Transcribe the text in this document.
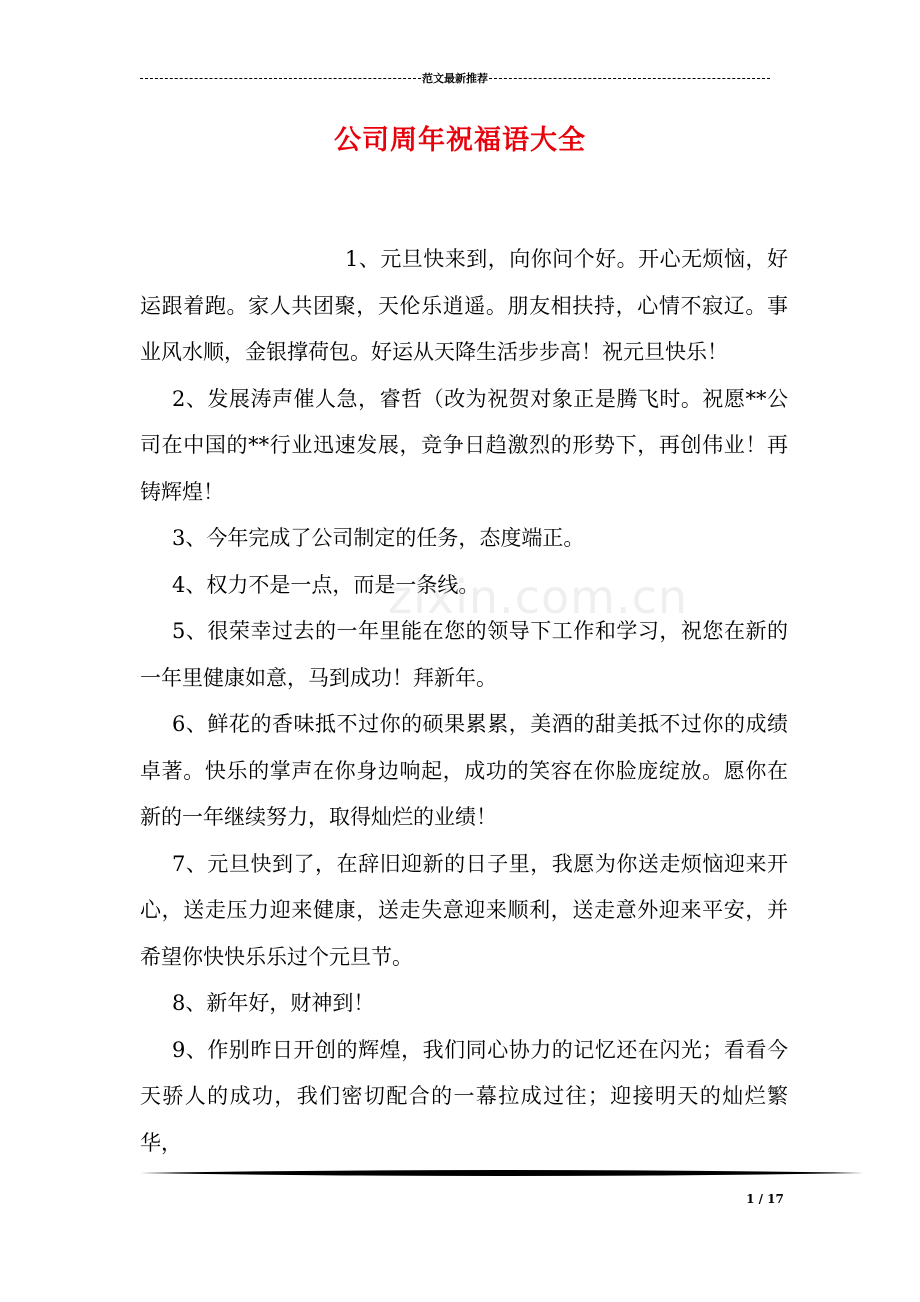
范文最新推荐
公司周年祝福语大全

1、元旦快来到，向你问个好。开心无烦恼，好运跟着跑。家人共团聚，天伦乐逍遥。朋友相扶持，心情不寂辽。事业风水顺，金银撑荷包。好运从天降生活步步高！祝元旦快乐！

2、发展涛声催人急，睿哲（改为祝贺对象正是腾飞时。祝愿**公司在中国的**行业迅速发展，竞争日趋激烈的形势下，再创伟业！再铸辉煌！

3、今年完成了公司制定的任务，态度端正。

4、权力不是一点，而是一条线。

5、很荣幸过去的一年里能在您的领导下工作和学习，祝您在新的一年里健康如意，马到成功！拜新年。

6、鲜花的香味抵不过你的硕果累累，美酒的甜美抵不过你的成绩卓著。快乐的掌声在你身边响起，成功的笑容在你脸庞绽放。愿你在新的一年继续努力，取得灿烂的业绩！

7、元旦快到了，在辞旧迎新的日子里，我愿为你送走烦恼迎来开心，送走压力迎来健康，送走失意迎来顺利，送走意外迎来平安，并希望你快快乐乐过个元旦节。

8、新年好，财神到！

9、作别昨日开创的辉煌，我们同心协力的记忆还在闪光；看看今天骄人的成功，我们密切配合的一幕拉成过往；迎接明天的灿烂繁华，

zixin.com.cn
1 / 17
